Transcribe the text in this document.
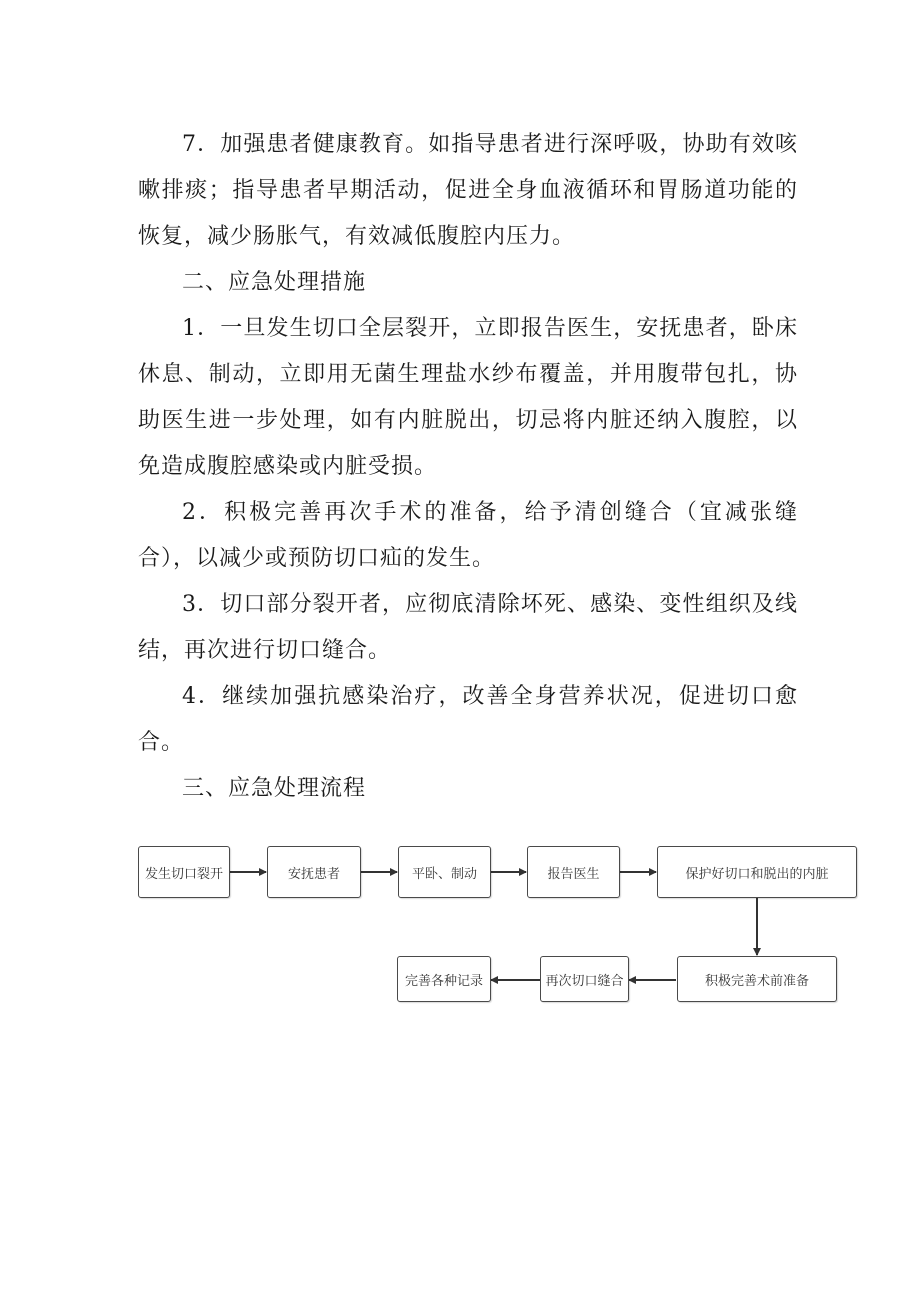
7．加强患者健康教育。如指导患者进行深呼吸，协助有效咳嗽排痰；指导患者早期活动，促进全身血液循环和胃肠道功能的恢复，减少肠胀气，有效减低腹腔内压力。

二、应急处理措施

1．一旦发生切口全层裂开，立即报告医生，安抚患者，卧床休息、制动，立即用无菌生理盐水纱布覆盖，并用腹带包扎，协助医生进一步处理，如有内脏脱出，切忌将内脏还纳入腹腔，以免造成腹腔感染或内脏受损。

2．积极完善再次手术的准备，给予清创缝合（宜减张缝合），以减少或预防切口疝的发生。

3．切口部分裂开者，应彻底清除坏死、感染、变性组织及线结，再次进行切口缝合。

4．继续加强抗感染治疗，改善全身营养状况，促进切口愈合。

三、应急处理流程

发生切口裂开	安抚患者	平卧、制动	报告医生	保护好切口和脱出的内脏
积极完善术前准备
再次切口缝合
完善各种记录
